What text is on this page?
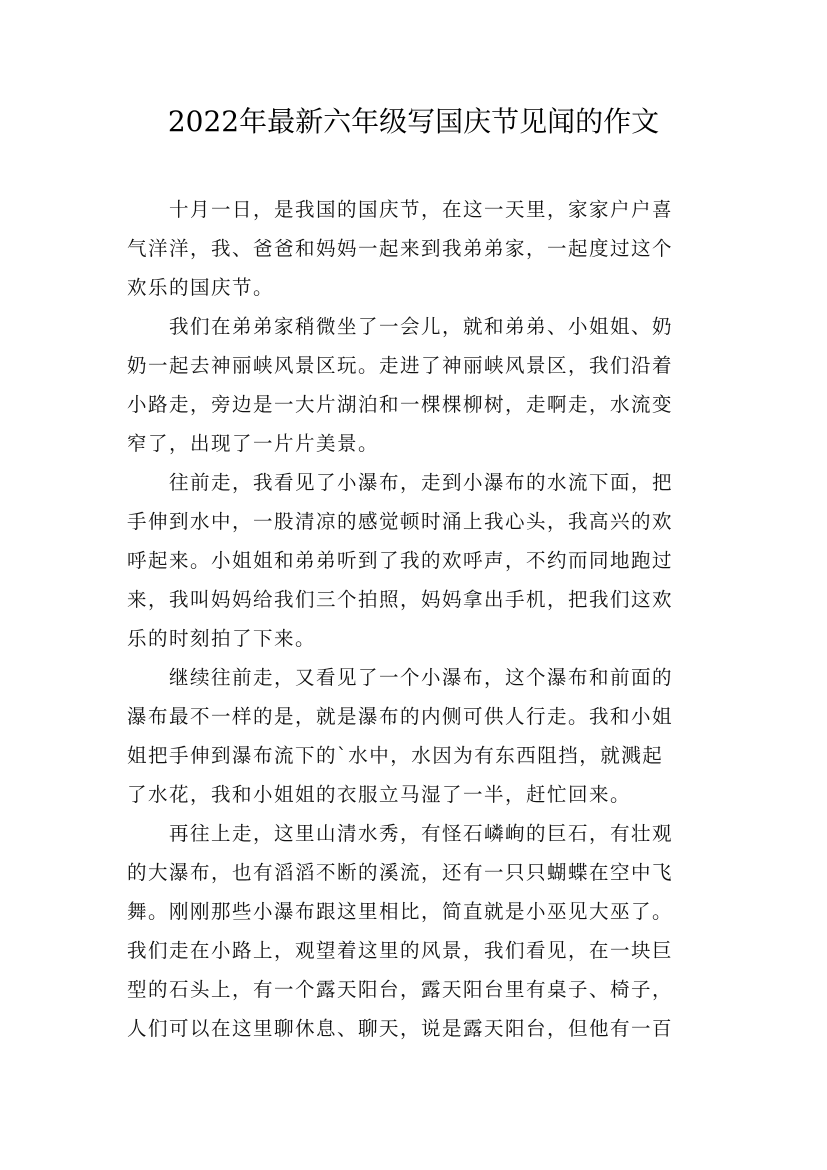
2022年最新六年级写国庆节见闻的作文
十月一日，是我国的国庆节，在这一天里，家家户户喜
气洋洋，我、爸爸和妈妈一起来到我弟弟家，一起度过这个
欢乐的国庆节。
我们在弟弟家稍微坐了一会儿，就和弟弟、小姐姐、奶
奶一起去神丽峡风景区玩。走进了神丽峡风景区，我们沿着
小路走，旁边是一大片湖泊和一棵棵柳树，走啊走，水流变
窄了，出现了一片片美景。
往前走，我看见了小瀑布，走到小瀑布的水流下面，把
手伸到水中，一股清凉的感觉顿时涌上我心头，我高兴的欢
呼起来。小姐姐和弟弟听到了我的欢呼声，不约而同地跑过
来，我叫妈妈给我们三个拍照，妈妈拿出手机，把我们这欢
乐的时刻拍了下来。
继续往前走，又看见了一个小瀑布，这个瀑布和前面的
瀑布最不一样的是，就是瀑布的内侧可供人行走。我和小姐
姐把手伸到瀑布流下的`水中，水因为有东西阻挡，就溅起
了水花，我和小姐姐的衣服立马湿了一半，赶忙回来。
再往上走，这里山清水秀，有怪石嶙峋的巨石，有壮观
的大瀑布，也有滔滔不断的溪流，还有一只只蝴蝶在空中飞
舞。刚刚那些小瀑布跟这里相比，简直就是小巫见大巫了。
我们走在小路上，观望着这里的风景，我们看见，在一块巨
型的石头上，有一个露天阳台，露天阳台里有桌子、椅子，
人们可以在这里聊休息、聊天，说是露天阳台，但他有一百
